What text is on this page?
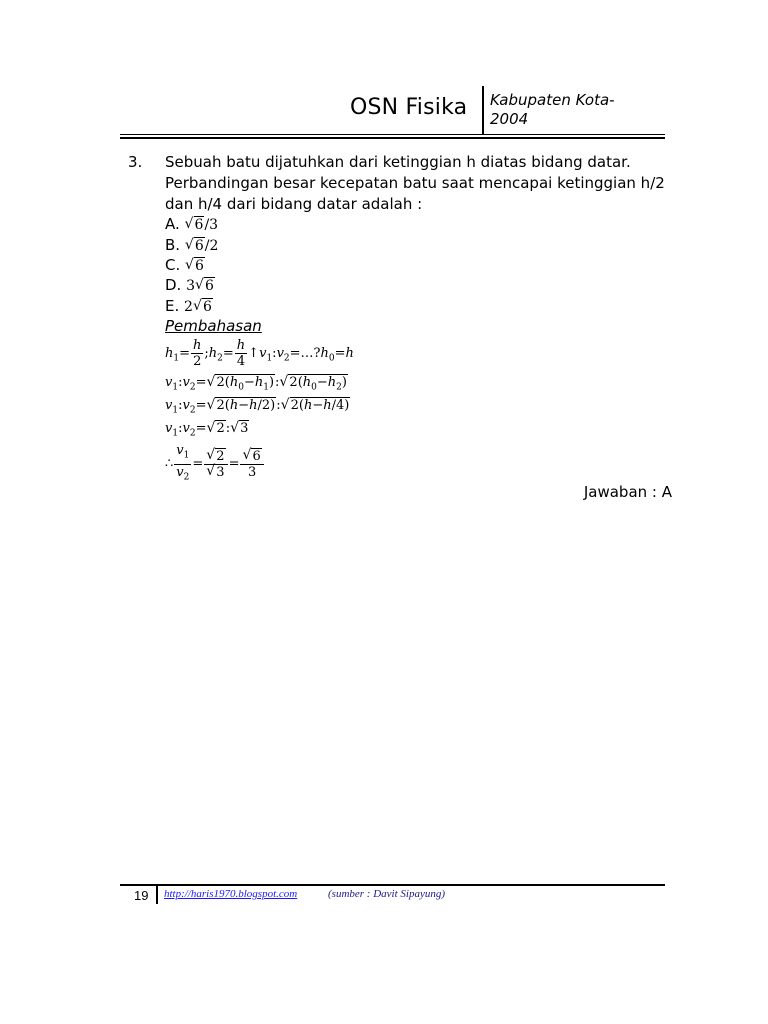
OSN Fisika Kabupaten Kota-
2004
3. Sebuah batu dijatuhkan dari ketinggian h diatas bidang datar. Perbandingan besar kecepatan batu saat mencapai ketinggian h/2 dan h/4 dari bidang datar adalah :
A. √ 6/3
B. √ 6/2
C. √ 6
D. 3√ 6
E. 2√ 6
Pembahasan
$h_1= \frac{h}{2}$ $;h_2= \frac{h}{4}$ $↑v_1:v_2=\dots?h_0=h$
$v_1:v_2=√$ $2(h_0-h_1):√$ $2(h_0-h_2)$
$v_1:v_2=√$ 2(h−h/2):√ 2(h−h/4)
$v_1:v_2=√$ 2:√ 3
∴ $\frac{v_1}{v_2}$ =
√ 2
√ 3 =
√ $\frac{6}{3}$
Jawaban : A
19 http://haris1970.blogspot.com	(sumber : Davit Sipayung)
